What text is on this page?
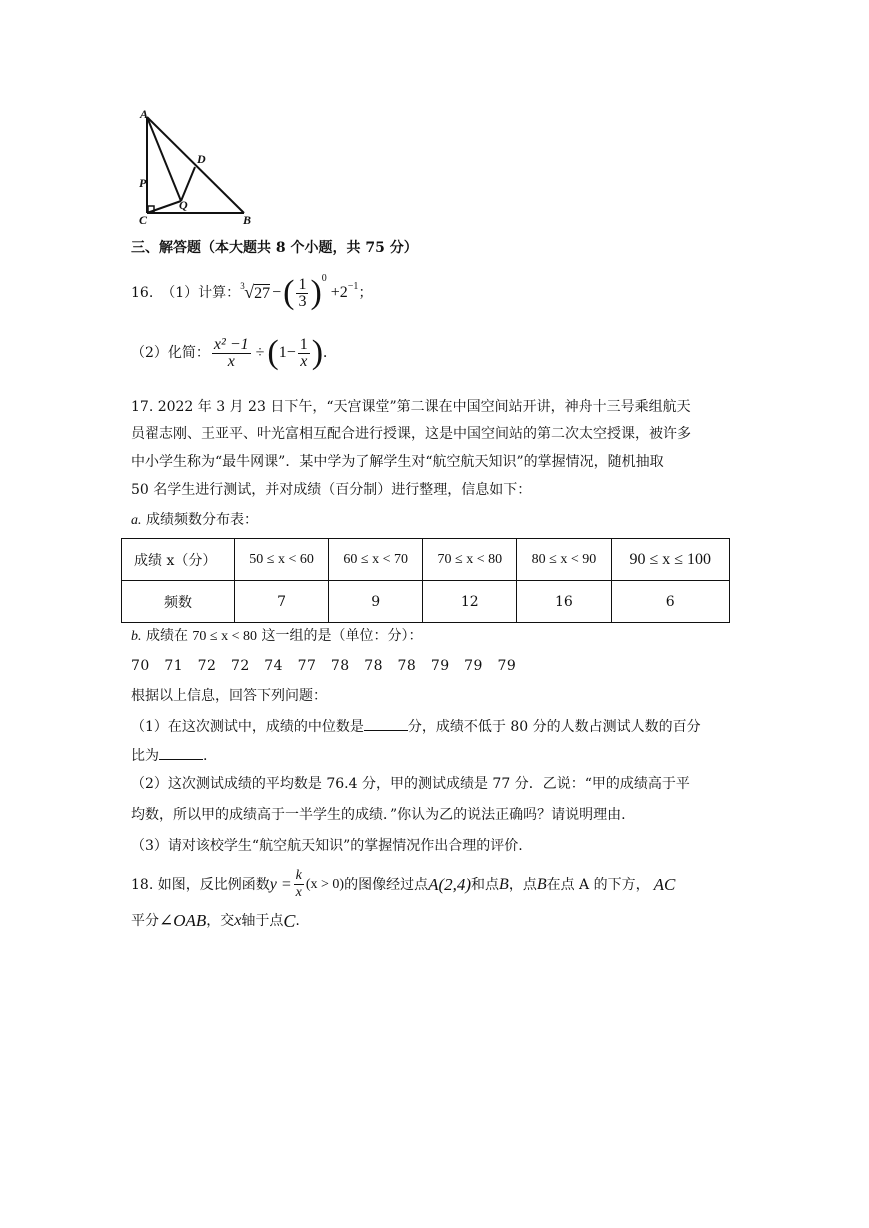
A
D
P
Q
C	B
三、解答题（本大题共 8 个小题，共 75 分）
16. （1）计算： 3 √27 − ( $\frac{1}{3}$ ) 0
+2 −1 ；
（2）化简： $\frac{\text{x² −1}}{x}$ ÷ ( $1- \frac{1}{x}$ ) .
17. 2022 年 3 月 23 日下午，“天宫课堂”第二课在中国空间站开讲，神舟十三号乘组航天
员翟志刚、王亚平、叶光富相互配合进行授课，这是中国空间站的第二次太空授课，被许多
中小学生称为“最牛网课”．某中学为了解学生对“航空航天知识”的掌握情况，随机抽取
50 名学生进行测试，并对成绩（百分制）进行整理，信息如下：
a. 成绩频数分布表：
成绩 x（分）	50 ≤ x < 60	60 ≤ x < 70	70 ≤ x < 80	80 ≤ x < 90	90 ≤ x ≤ 100
频数	7	9	12	16	6
b. 成绩在 70 ≤ x < 80 这一组的是（单位：分）：
70　71　72　72　74　77　78　78　78　79　79　79
根据以上信息，回答下列问题：
（1）在这次测试中，成绩的中位数是	分，成绩不低于 80 分的人数占测试人数的百分
比为	.
（2）这次测试成绩的平均数是 76.4 分，甲的测试成绩是 77 分．乙说：“甲的成绩高于平
均数，所以甲的成绩高于一半学生的成绩．”你认为乙的说法正确吗？请说明理由.
（3）请对该校学生“航空航天知识”的掌握情况作出合理的评价.
18. 如图，反比例函数 $y = \frac{k}{x} (x > 0)$ 的图像经过点 A(2,4) 和点 B ，点 B 在点 A 的下方， AC
平分 ∠OAB ，交 x 轴于点 C .
